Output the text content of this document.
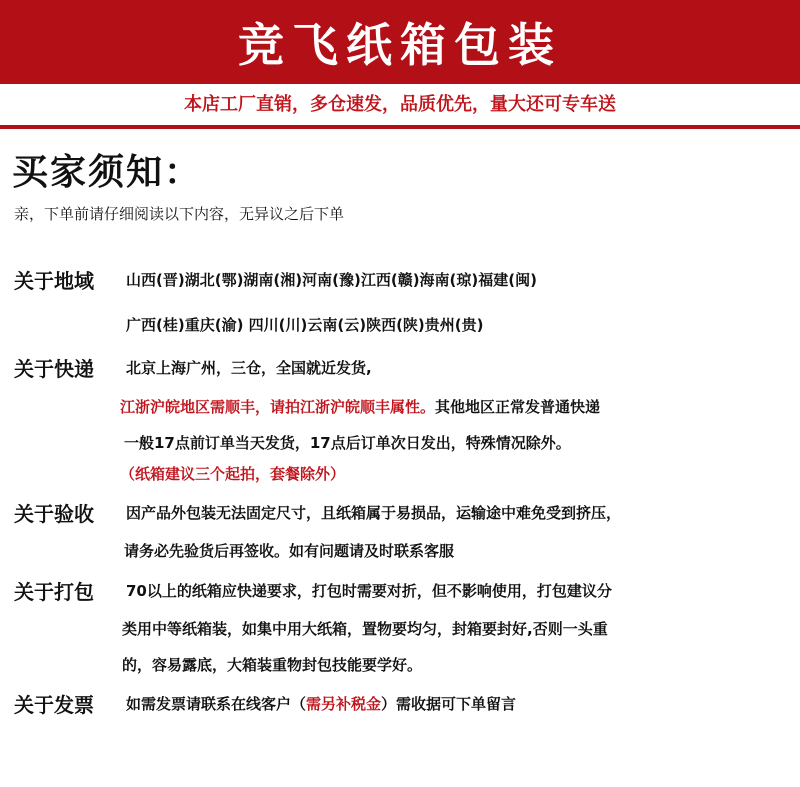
竞飞纸箱包装
本店工厂直销，多仓速发，品质优先，量大还可专车送
买家须知：
亲，下单前请仔细阅读以下内容，无异议之后下单
关于地域 山西(晋)湖北(鄂)湖南(湘)河南(豫)江西(赣)海南(琼)福建(闽)
广西(桂)重庆(渝) 四川(川)云南(云)陕西(陕)贵州(贵)
关于快递 北京上海广州，三仓，全国就近发货,
江浙沪皖地区需顺丰，请拍江浙沪皖顺丰属性。其他地区正常发普通快递
一般17点前订单当天发货，17点后订单次日发出，特殊情况除外。
（纸箱建议三个起拍，套餐除外）
关于验收 因产品外包装无法固定尺寸，且纸箱属于易损品，运输途中难免受到挤压，
请务必先验货后再签收。如有问题请及时联系客服
关于打包 70以上的纸箱应快递要求，打包时需要对折，但不影响使用，打包建议分
类用中等纸箱装，如集中用大纸箱，置物要均匀，封箱要封好,否则一头重
的，容易露底，大箱装重物封包技能要学好。
关于发票 如需发票请联系在线客户（需另补税金）需收据可下单留言
